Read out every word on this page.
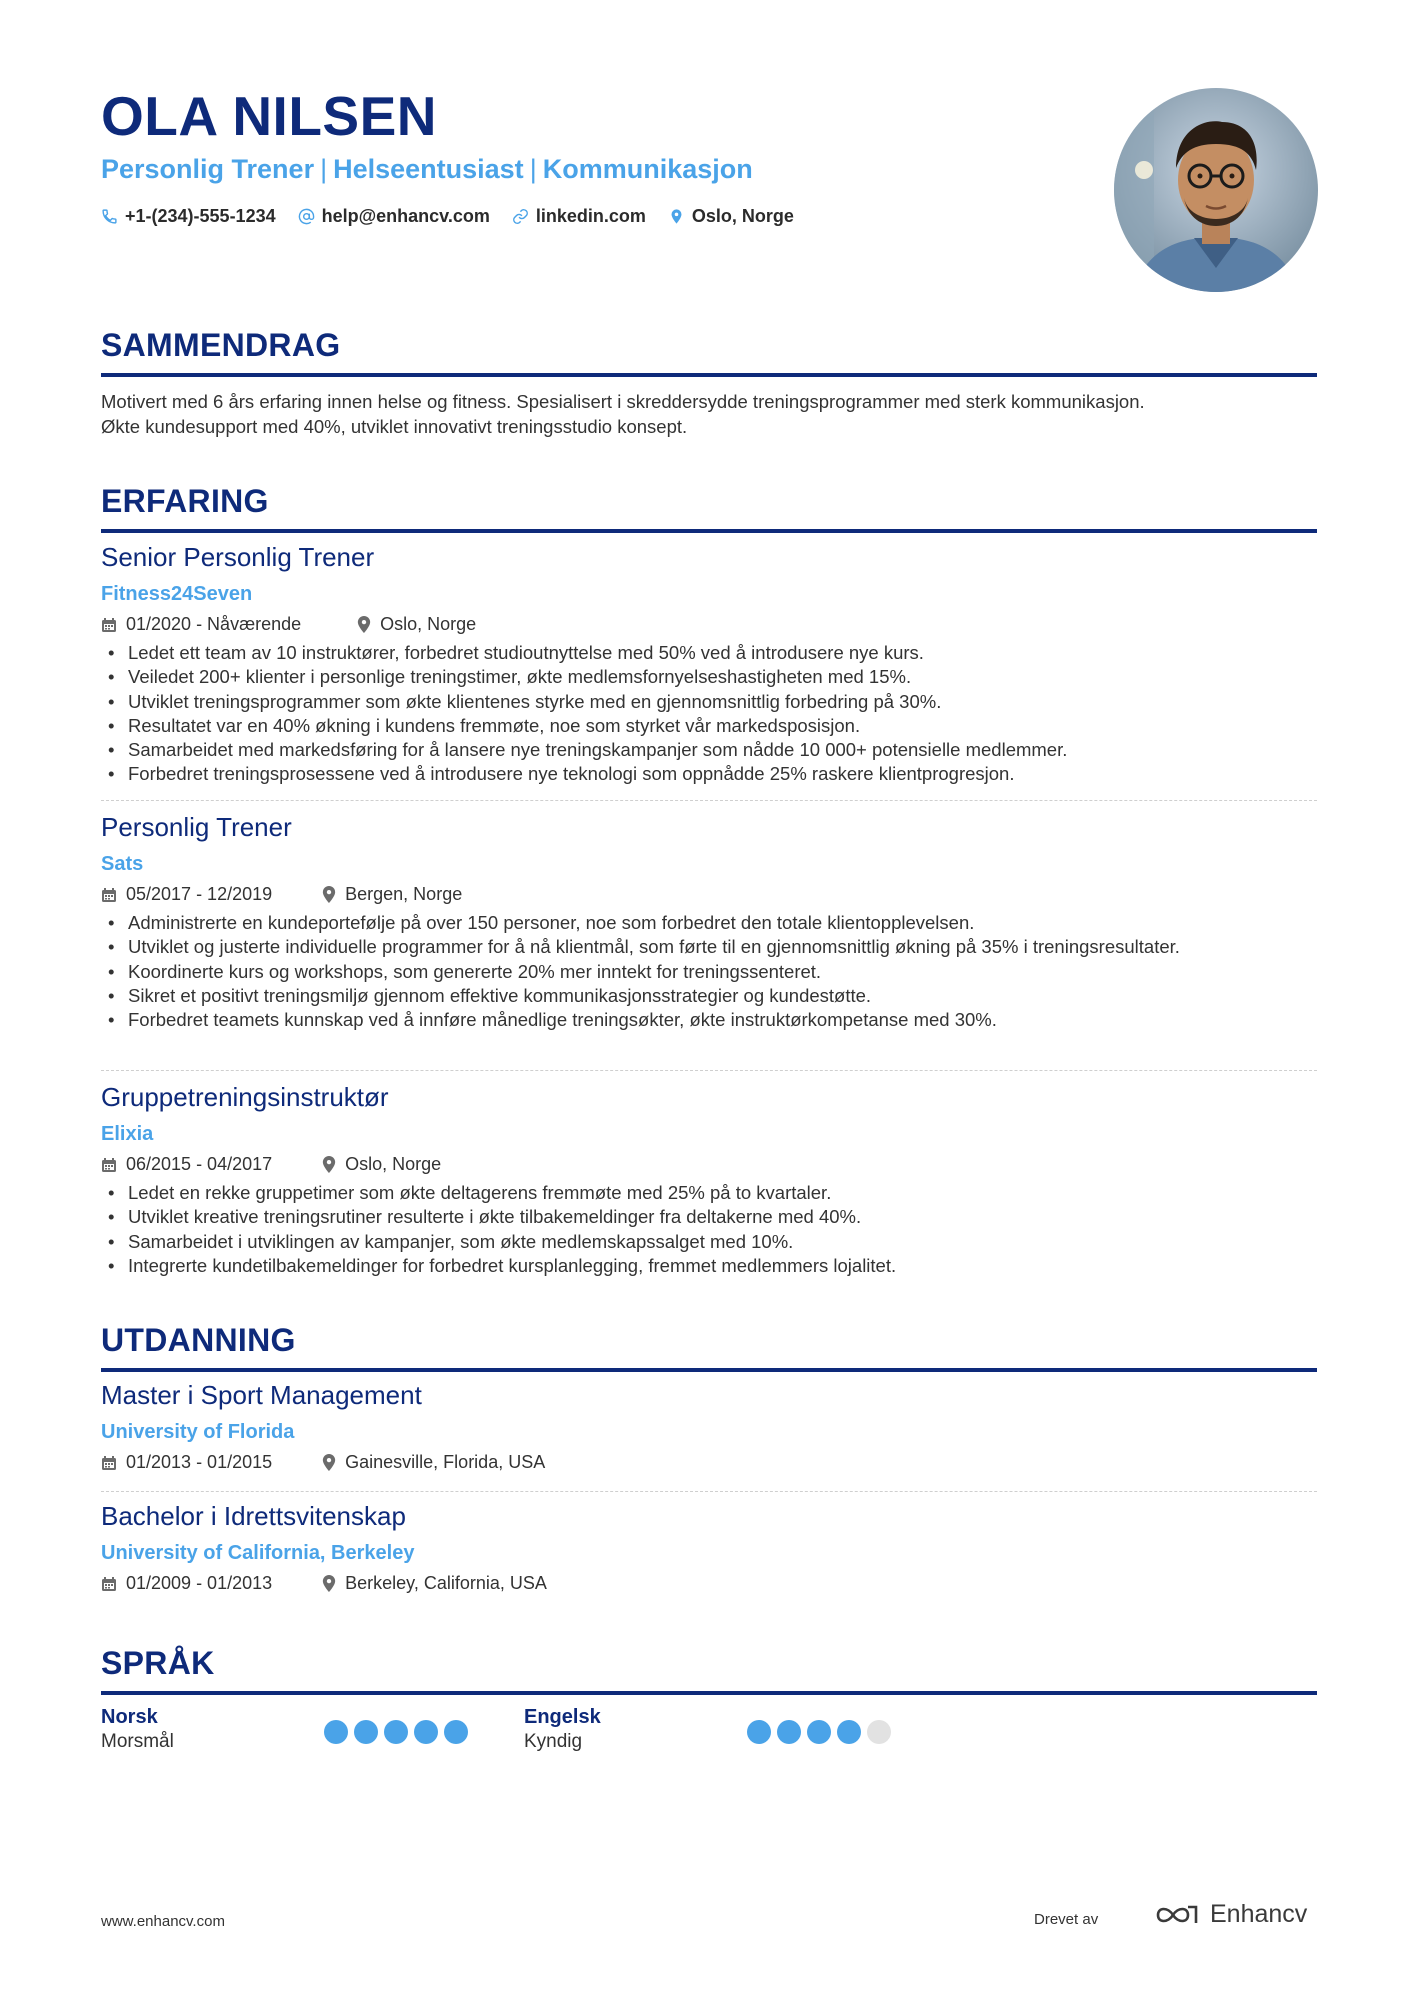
OLA NILSEN
Personlig Trener | Helseentusiast | Kommunikasjon
+1-(234)-555-1234	help@enhancv.com	linkedin.com	Oslo, Norge
SAMMENDRAG
Motivert med 6 års erfaring innen helse og fitness. Spesialisert i skreddersydde treningsprogrammer med sterk kommunikasjon.
Økte kundesupport med 40%, utviklet innovativt treningsstudio konsept.
ERFARING
Senior Personlig Trener
Fitness24Seven
01/2020 - Nåværende	Oslo, Norge
• Ledet ett team av 10 instruktører, forbedret studioutnyttelse med 50% ved å introdusere nye kurs.
• Veiledet 200+ klienter i personlige treningstimer, økte medlemsfornyelseshastigheten med 15%.
• Utviklet treningsprogrammer som økte klientenes styrke med en gjennomsnittlig forbedring på 30%.
• Resultatet var en 40% økning i kundens fremmøte, noe som styrket vår markedsposisjon.
• Samarbeidet med markedsføring for å lansere nye treningskampanjer som nådde 10 000+ potensielle medlemmer.
• Forbedret treningsprosessene ved å introdusere nye teknologi som oppnådde 25% raskere klientprogresjon.
Personlig Trener
Sats
05/2017 - 12/2019	Bergen, Norge
• Administrerte en kundeportefølje på over 150 personer, noe som forbedret den totale klientopplevelsen.
• Utviklet og justerte individuelle programmer for å nå klientmål, som førte til en gjennomsnittlig økning på 35% i treningsresultater.
• Koordinerte kurs og workshops, som genererte 20% mer inntekt for treningssenteret.
• Sikret et positivt treningsmiljø gjennom effektive kommunikasjonsstrategier og kundestøtte.
• Forbedret teamets kunnskap ved å innføre månedlige treningsøkter, økte instruktørkompetanse med 30%.
Gruppetreningsinstruktør
Elixia
06/2015 - 04/2017	Oslo, Norge
• Ledet en rekke gruppetimer som økte deltagerens fremmøte med 25% på to kvartaler.
• Utviklet kreative treningsrutiner resulterte i økte tilbakemeldinger fra deltakerne med 40%.
• Samarbeidet i utviklingen av kampanjer, som økte medlemskapssalget med 10%.
• Integrerte kundetilbakemeldinger for forbedret kursplanlegging, fremmet medlemmers lojalitet.
UTDANNING
Master i Sport Management
University of Florida
01/2013 - 01/2015	Gainesville, Florida, USA
Bachelor i Idrettsvitenskap
University of California, Berkeley
01/2009 - 01/2013	Berkeley, California, USA
SPRÅK
Norsk
Morsmål
Engelsk
Kyndig
www.enhancv.com	Drevet av	Enhancv
